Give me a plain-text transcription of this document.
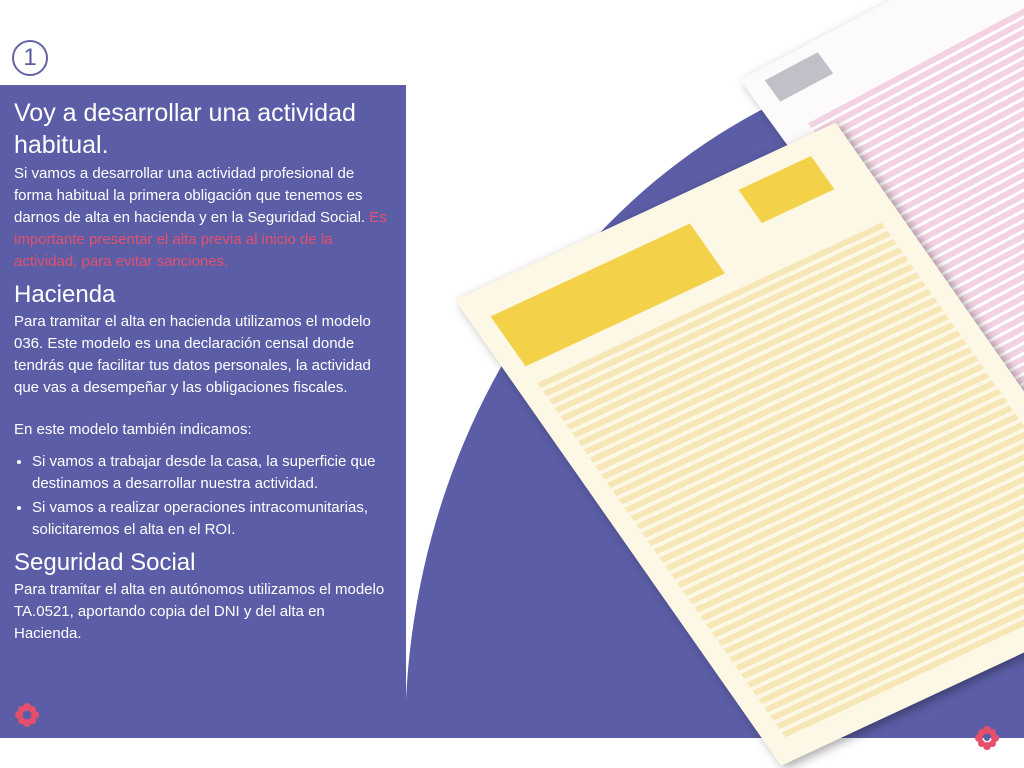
1
Voy a desarrollar una actividad habitual.

Si vamos a desarrollar una actividad profesional de forma habitual la primera obligación que tenemos es darnos de alta en hacienda y en la Seguridad Social. Es importante presentar el alta previa al inicio de la actividad, para evitar sanciones.

Hacienda

Para tramitar el alta en hacienda utilizamos el modelo 036. Este modelo es una declaración censal donde tendrás que facilitar tus datos personales, la actividad que vas a desempeñar y las obligaciones fiscales.

En este modelo también indicamos:

• Si vamos a trabajar desde la casa, la superficie que destinamos a desarrollar nuestra actividad.
• Si vamos a realizar operaciones intracomunitarias, solicitaremos el alta en el ROI.
Seguridad Social

Para tramitar el alta en autónomos utilizamos el modelo TA.0521, aportando copia del DNI y del alta en Hacienda.
